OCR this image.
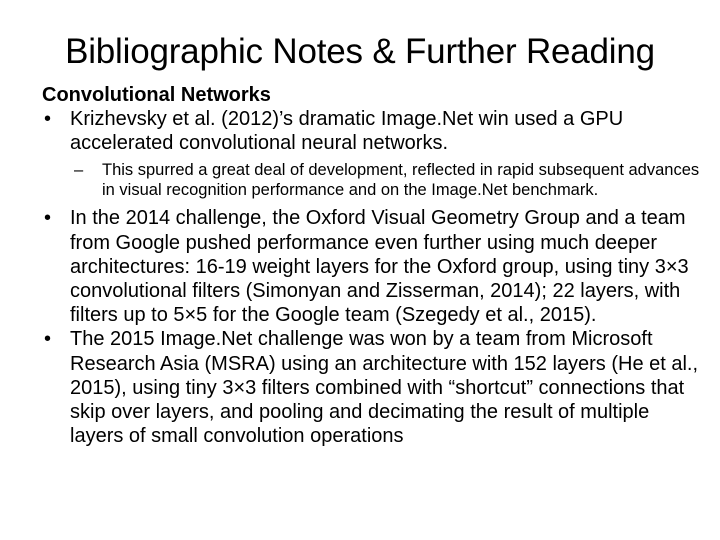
Bibliographic Notes & Further Reading

Convolutional Networks

• Krizhevsky et al. (2012)’s dramatic Image.Net win used a GPU accelerated convolutional neural networks.
– This spurred a great deal of development, reflected in rapid subsequent advances in visual recognition performance and on the Image.Net benchmark.
• In the 2014 challenge, the Oxford Visual Geometry Group and a team from Google pushed performance even further using much deeper architectures: 16-19 weight layers for the Oxford group, using tiny 3×3 convolutional filters (Simonyan and Zisserman, 2014); 22 layers, with filters up to 5×5 for the Google team (Szegedy et al., 2015).
• The 2015 Image.Net challenge was won by a team from Microsoft Research Asia (MSRA) using an architecture with 152 layers (He et al., 2015), using tiny 3×3 filters combined with “shortcut” connections that skip over layers, and pooling and decimating the result of multiple layers of small convolution operations
